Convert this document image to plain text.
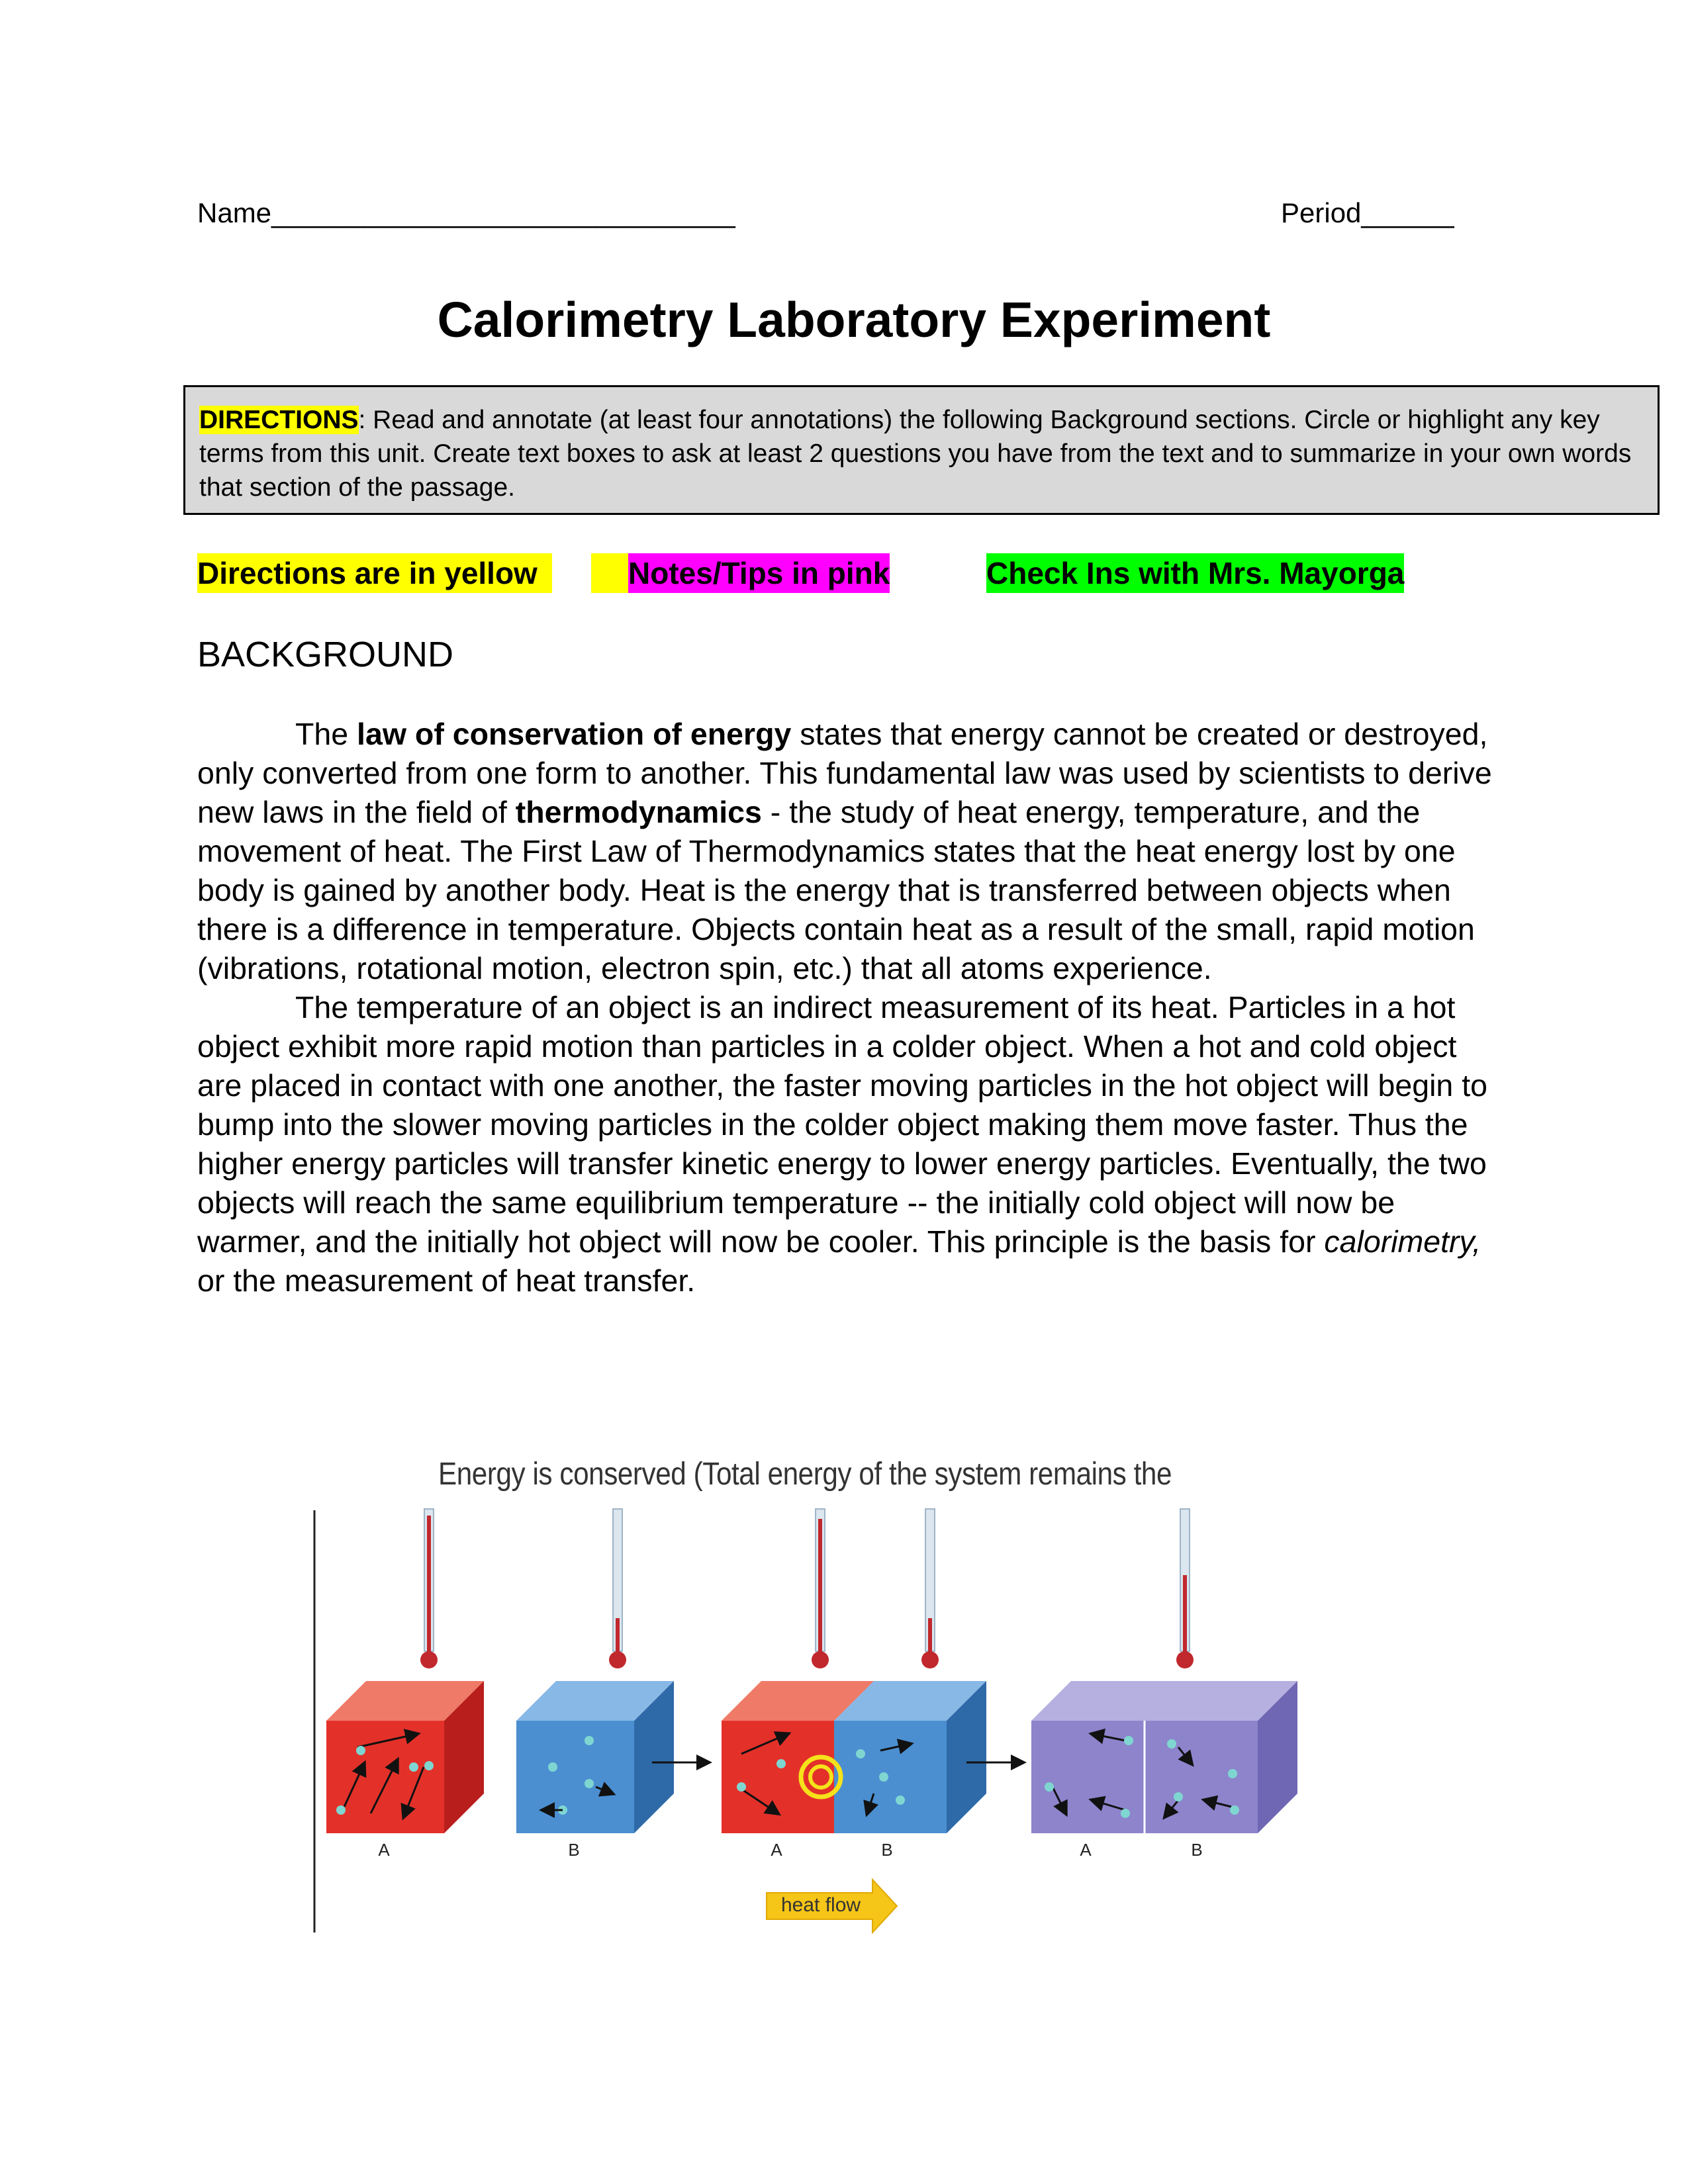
Name______________________________	Period______
Calorimetry Laboratory Experiment
DIRECTIONS: Read and annotate (at least four annotations) the following Background sections. Circle or highlight any key terms from this unit. Create text boxes to ask at least 2 questions you have from the text and to summarize in your own words that section of the passage.
Directions are in yellow	Notes/Tips in pink	Check Ins with Mrs. Mayorga
BACKGROUND

The law of conservation of energy states that energy cannot be created or destroyed, only converted from one form to another. This fundamental law was used by scientists to derive new laws in the field of thermodynamics - the study of heat energy, temperature, and the movement of heat. The First Law of Thermodynamics states that the heat energy lost by one body is gained by another body. Heat is the energy that is transferred between objects when there is a difference in temperature. Objects contain heat as a result of the small, rapid motion (vibrations, rotational motion, electron spin, etc.) that all atoms experience.

The temperature of an object is an indirect measurement of its heat. Particles in a hot object exhibit more rapid motion than particles in a colder object. When a hot and cold object are placed in contact with one another, the faster moving particles in the hot object will begin to bump into the slower moving particles in the colder object making them move faster. Thus the higher energy particles will transfer kinetic energy to lower energy particles. Eventually, the two objects will reach the same equilibrium temperature -- the initially cold object will now be warmer, and the initially hot object will now be cooler. This principle is the basis for calorimetry, or the measurement of heat transfer.

Energy is conserved (Total energy of the system remains the
A	B	A	B	A	B
heat flow
